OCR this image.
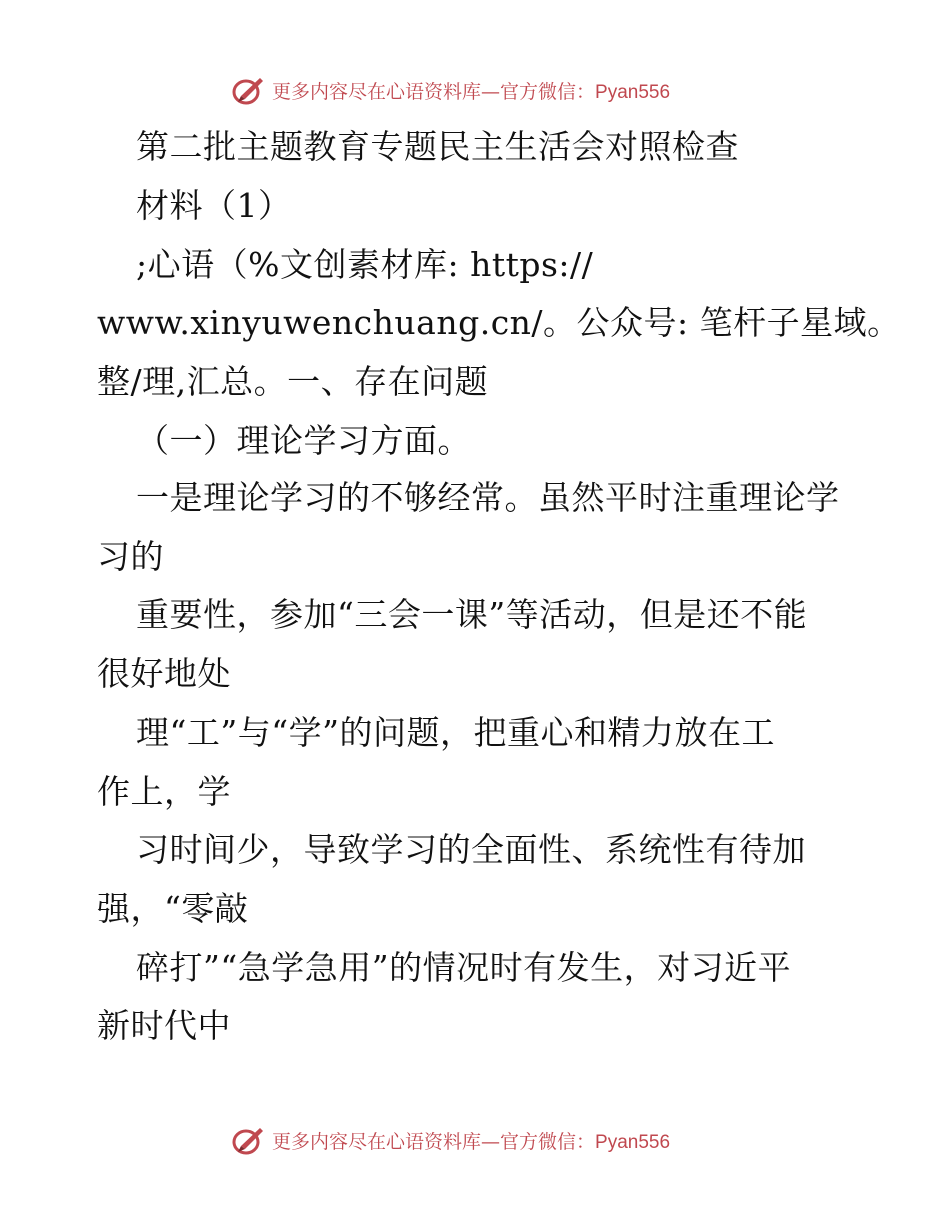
更多内容尽在心语资料库— 官方微信：Pyan556
第二批主题教育专题民主生活会对照检查
材料（1）
;心语（%文创素材库: https://
www.xinyuwenchuang.cn/。公众号: 笔杆子星域。
整/理,汇总。一、存在问题
（一）理论学习方面。
一是理论学习的不够经常。虽然平时注重理论学
习的
重要性，参加“三会一课”等活动，但是还不能
很好地处
理“工”与“学”的问题，把重心和精力放在工
作上，学
习时间少，导致学习的全面性、系统性有待加
强，“零敲
碎打”“急学急用”的情况时有发生，对习近平
新时代中
更多内容尽在心语资料库— 官方微信：Pyan556
